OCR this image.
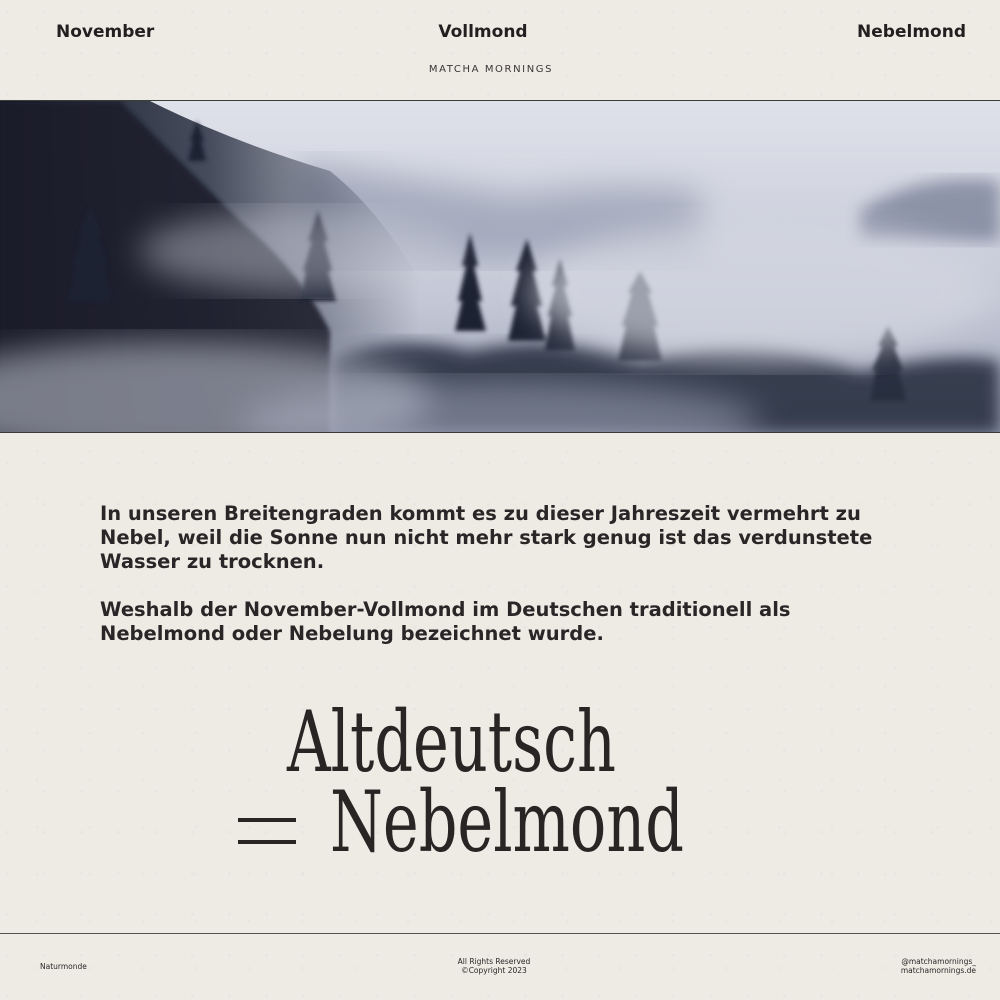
November	Vollmond	Nebelmond
MATCHA MORNINGS
In unseren Breitengraden kommt es zu dieser Jahreszeit vermehrt zu Nebel, weil die Sonne nun nicht mehr stark genug ist das verdunstete Wasser zu trocknen.
Weshalb der November-Vollmond im Deutschen traditionell als Nebelmond oder Nebelung bezeichnet wurde.
Altdeutsch
Nebelmond
Naturmonde
All Rights Reserved
©Copyright 2023
@matchamornings_
matchamornings.de
